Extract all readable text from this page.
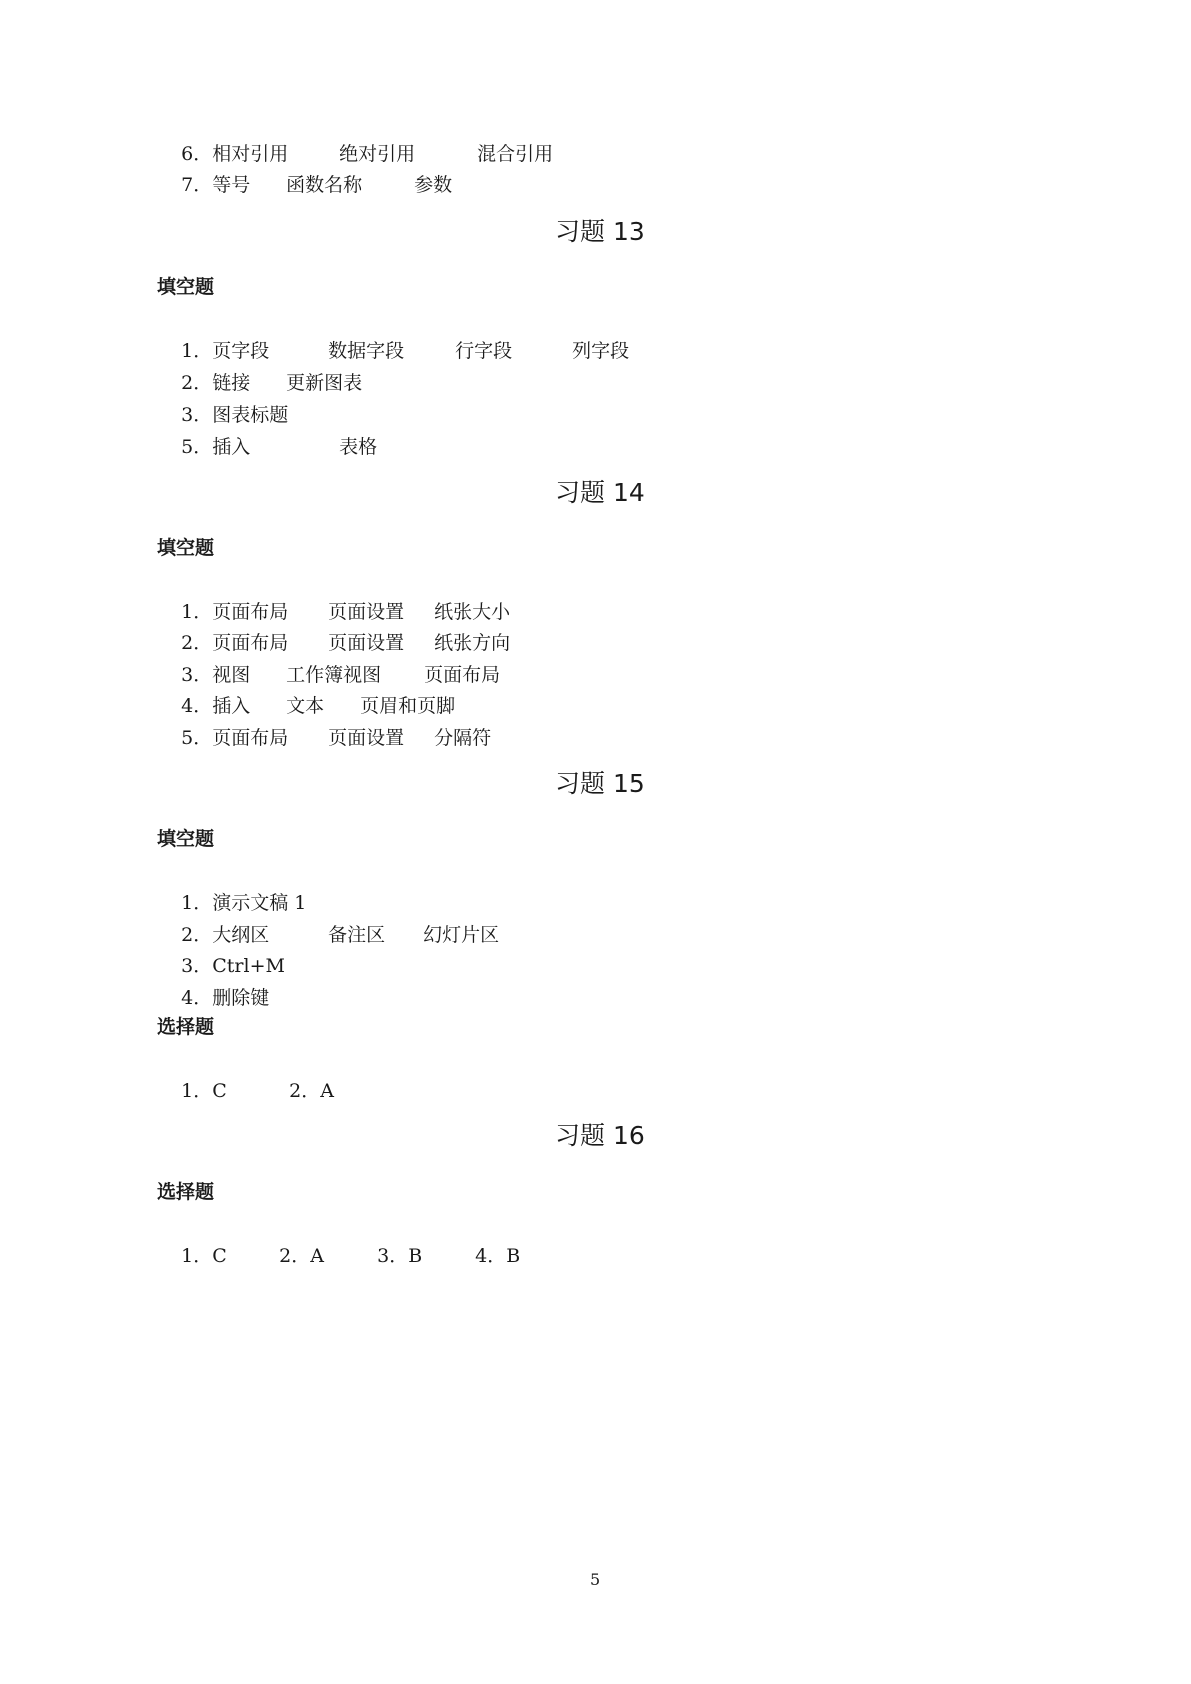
6．相对引用	绝对引用	混合引用

7．等号 函数名称	参数

习题 13
填空题

1．页字段	数据字段	行字段	列字段

2．链接 更新图表

3．图表标题

5．插入	表格

习题 14
填空题

1．页面布局 页面设置 纸张大小

2．页面布局 页面设置 纸张方向

3．视图 工作簿视图 页面布局

4．插入 文本 页眉和页脚

5．页面布局 页面设置 分隔符

习题 15
填空题

1．演示文稿 1

2．大纲区	备注区 幻灯片区

3．Ctrl+M

4．删除键

选择题

1．C	2．A

习题 16
选择题

1．C	2．A	3．B	4．B

5
